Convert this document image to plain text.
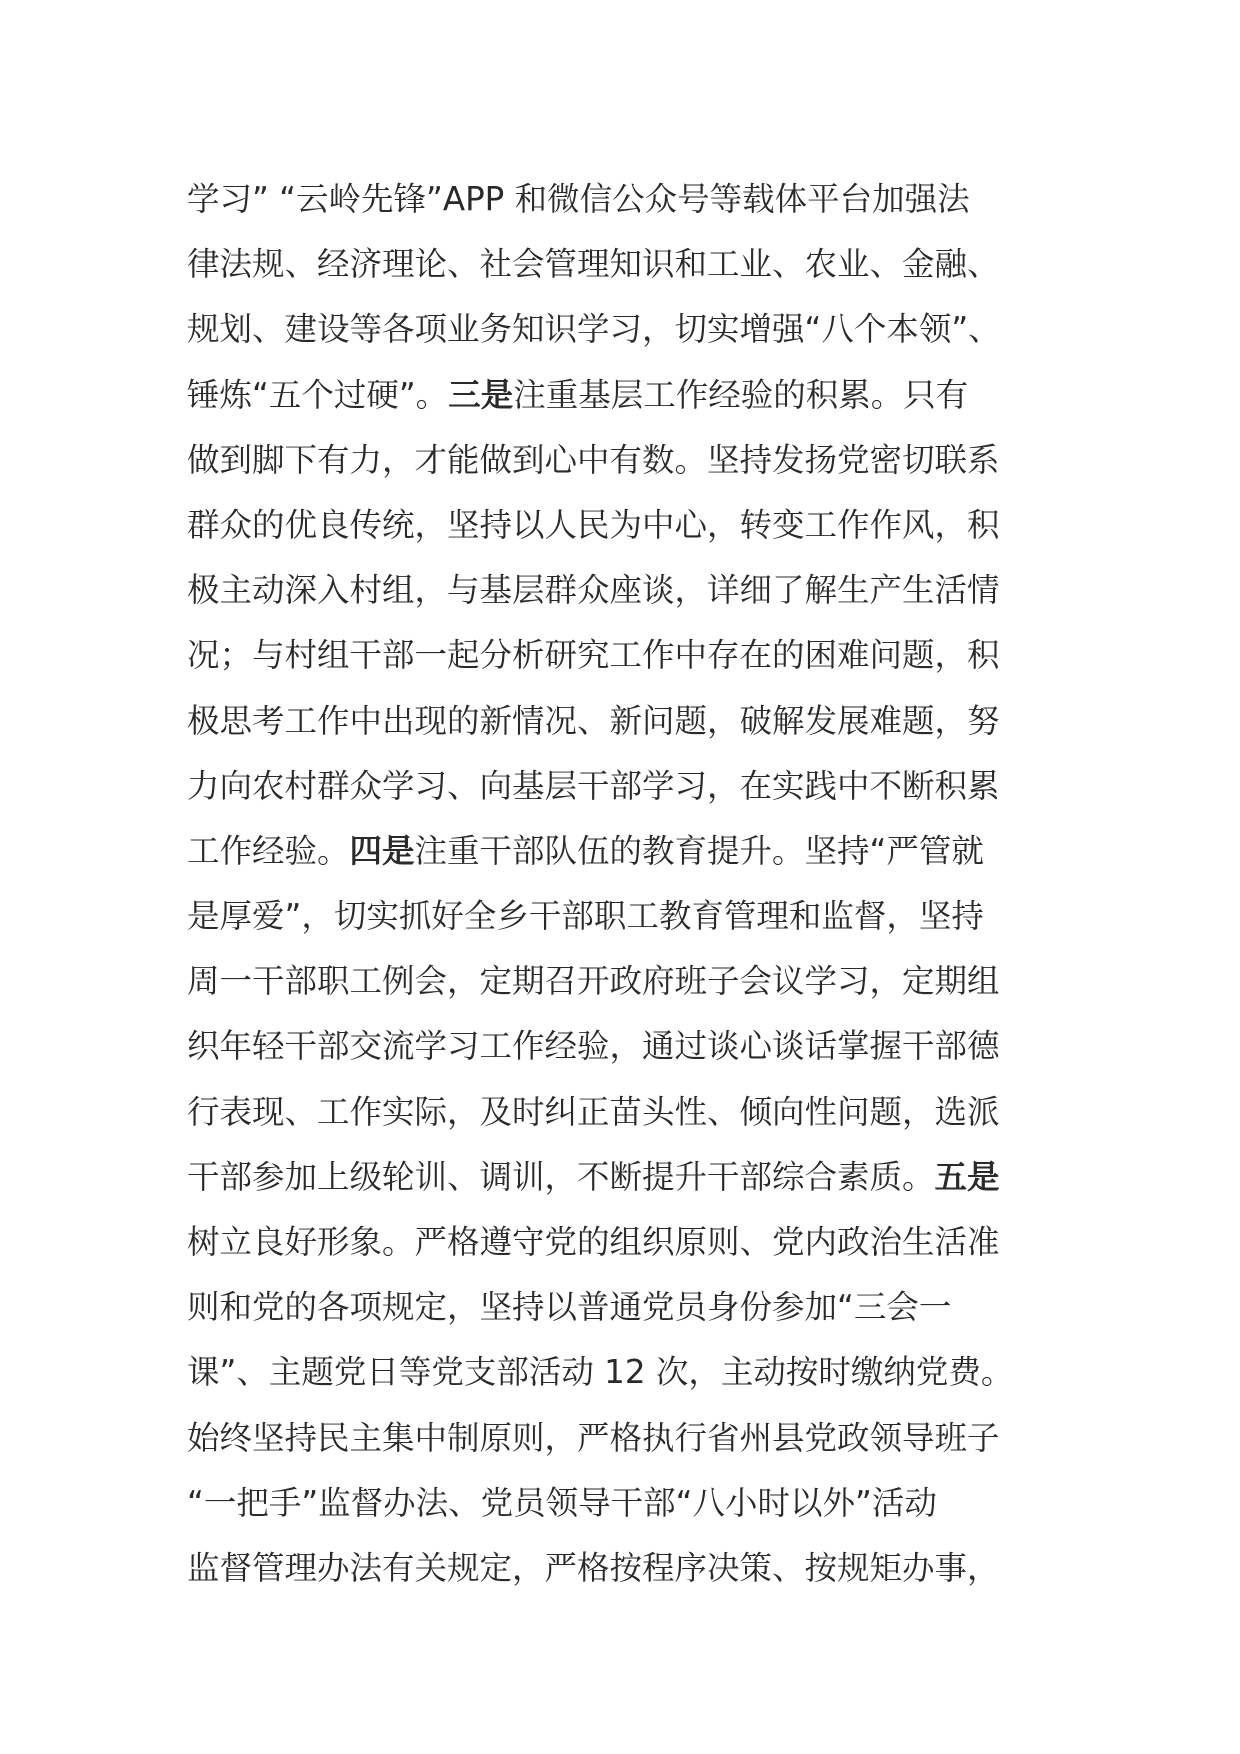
学习” “云岭先锋”APP 和微信公众号等载体平台加强法
律法规、经济理论、社会管理知识和工业、农业、金融、
规划、建设等各项业务知识学习，切实增强“八个本领”、
锤炼“五个过硬”。三是注重基层工作经验的积累。只有
做到脚下有力，才能做到心中有数。坚持发扬党密切联系
群众的优良传统，坚持以人民为中心，转变工作作风，积
极主动深入村组，与基层群众座谈，详细了解生产生活情
况；与村组干部一起分析研究工作中存在的困难问题，积
极思考工作中出现的新情况、新问题，破解发展难题，努
力向农村群众学习、向基层干部学习，在实践中不断积累
工作经验。四是注重干部队伍的教育提升。坚持“严管就
是厚爱”，切实抓好全乡干部职工教育管理和监督，坚持
周一干部职工例会，定期召开政府班子会议学习，定期组
织年轻干部交流学习工作经验，通过谈心谈话掌握干部德
行表现、工作实际，及时纠正苗头性、倾向性问题，选派
干部参加上级轮训、调训，不断提升干部综合素质。五是
树立良好形象。严格遵守党的组织原则、党内政治生活准
则和党的各项规定，坚持以普通党员身份参加“三会一
课”、主题党日等党支部活动 12 次，主动按时缴纳党费。
始终坚持民主集中制原则，严格执行省州县党政领导班子
“一把手”监督办法、党员领导干部“八小时以外”活动
监督管理办法有关规定，严格按程序决策、按规矩办事，
